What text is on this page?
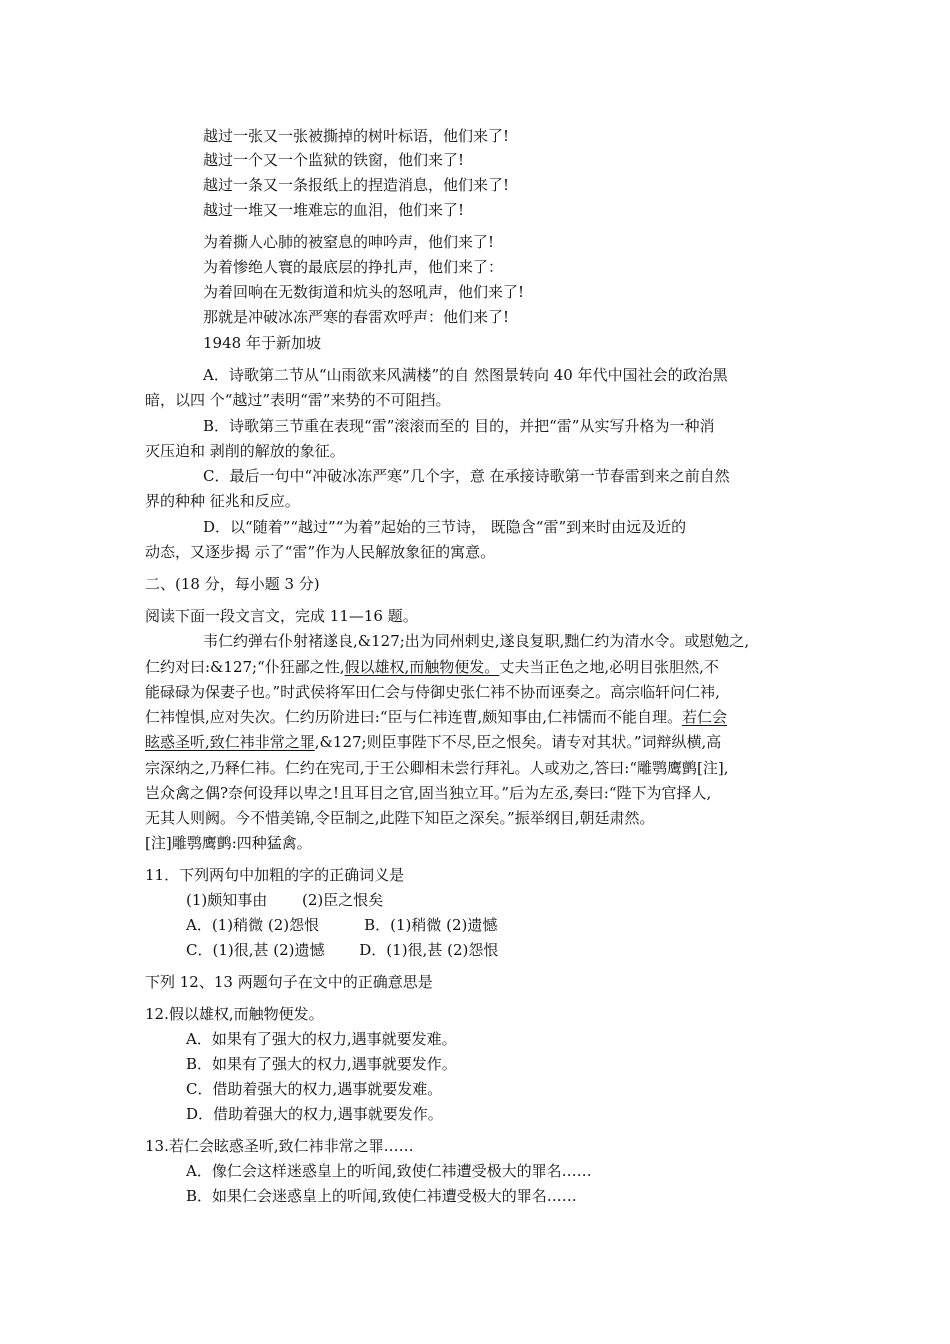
越过一张又一张被撕掉的树叶标语，他们来了!
越过一个又一个监狱的铁窗，他们来了!
越过一条又一条报纸上的捏造消息，他们来了!
越过一堆又一堆难忘的血泪，他们来了!
为着撕人心肺的被窒息的呻吟声，他们来了!
为着惨绝人寰的最底层的挣扎声，他们来了：
为着回响在无数街道和炕头的怒吼声，他们来了!
那就是冲破冰冻严寒的春雷欢呼声：他们来了!
1948 年于新加坡
A．诗歌第二节从“山雨欲来风满楼”的自 然图景转向 40 年代中国社会的政治黑
暗，以四 个“越过”表明“雷”来势的不可阻挡。
B．诗歌第三节重在表现“雷”滚滚而至的 目的，并把“雷”从实写升格为一种消
灭压迫和 剥削的解放的象征。
C．最后一句中“冲破冰冻严寒”几个字，意 在承接诗歌第一节春雷到来之前自然
界的种种 征兆和反应。
D．以“随着”“越过”“为着”起始的三节诗， 既隐含“雷”到来时由远及近的
动态，又逐步揭 示了“雷”作为人民解放象征的寓意。
二、(18 分，每小题 3 分)
阅读下面一段文言文，完成 11—16 题。
韦仁约弹右仆射褚遂良,&127;出为同州剌史,遂良复职,黜仁约为清水令。或慰勉之,
仁约对曰:&127;“仆狂鄙之性,假以雄权,而触物便发。丈夫当正色之地,必明目张胆然,不
能碌碌为保妻子也。”时武侯将军田仁会与侍御史张仁袆不协而诬奏之。高宗临轩问仁袆,
仁袆惶惧,应对失次。仁约历阶进曰:“臣与仁袆连曹,颇知事由,仁袆懦而不能自理。若仁会
眩惑圣听,致仁袆非常之罪,&127;则臣事陛下不尽,臣之恨矣。请专对其状。”词辩纵横,高
宗深纳之,乃释仁袆。仁约在宪司,于王公卿相未尝行拜礼。人或劝之,答曰:“雕鹗鹰鹯[注],
岂众禽之偶?奈何设拜以卑之!且耳目之官,固当独立耳。”后为左丞,奏曰:“陛下为官择人,
无其人则阙。今不惜美锦,令臣制之,此陛下知臣之深矣。”振举纲目,朝廷肃然。
[注]雕鹗鹰鹯:四种猛禽。
11．下列两句中加粗的字的正确词义是
(1)颇知事由　　 (2)臣之恨矣
A．(1)稍微 (2)怨恨　　　B．(1)稍微 (2)遗憾
C．(1)很,甚 (2)遗憾　　 D．(1)很,甚 (2)怨恨
下列 12、13 两题句子在文中的正确意思是
12.假以雄权,而触物便发。
A．如果有了强大的权力,遇事就要发难。
B．如果有了强大的权力,遇事就要发作。
C．借助着强大的权力,遇事就要发难。
D．借助着强大的权力,遇事就要发作。
13.若仁会眩惑圣听,致仁袆非常之罪……
A．像仁会这样迷惑皇上的听闻,致使仁袆遭受极大的罪名……
B．如果仁会迷惑皇上的听闻,致使仁袆遭受极大的罪名……
